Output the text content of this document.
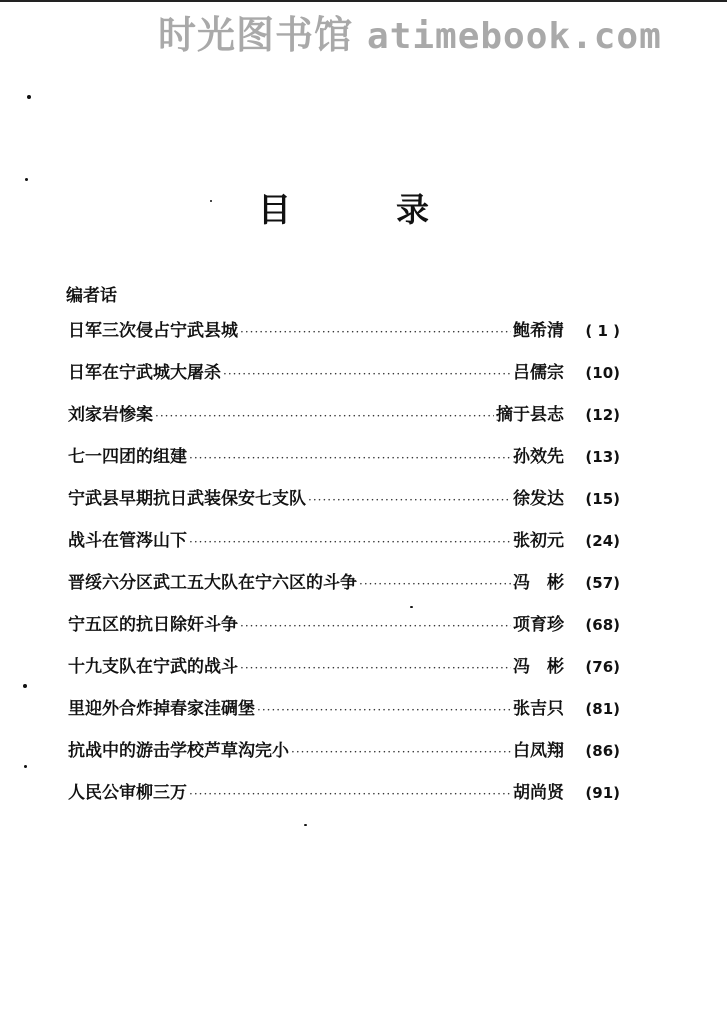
时光图书馆 atimebook.com
目	录
编者话
日军三次侵占宁武县城 ·····	鲍希清	( 1 )
日军在宁武城大屠杀 ·····	吕儒宗	(10)
刘家岩惨案 ·····	摘于县志	(12)
七一四团的组建 ·····	孙效先	(13)
宁武县早期抗日武装保安七支队 ·····	徐发达	(15)
战斗在管涔山下 ·····	张初元	(24)
晋绥六分区武工五大队在宁六区的斗争 ·····	冯　彬	(57)
宁五区的抗日除奸斗争 ·····	项育珍	(68)
十九支队在宁武的战斗 ·····	冯　彬	(76)
里迎外合炸掉春家洼碉堡 ·····	张吉只	(81)
抗战中的游击学校芦草沟完小 ·····	白凤翔	(86)
人民公审柳三万 ·····	胡尚贤	(91)
